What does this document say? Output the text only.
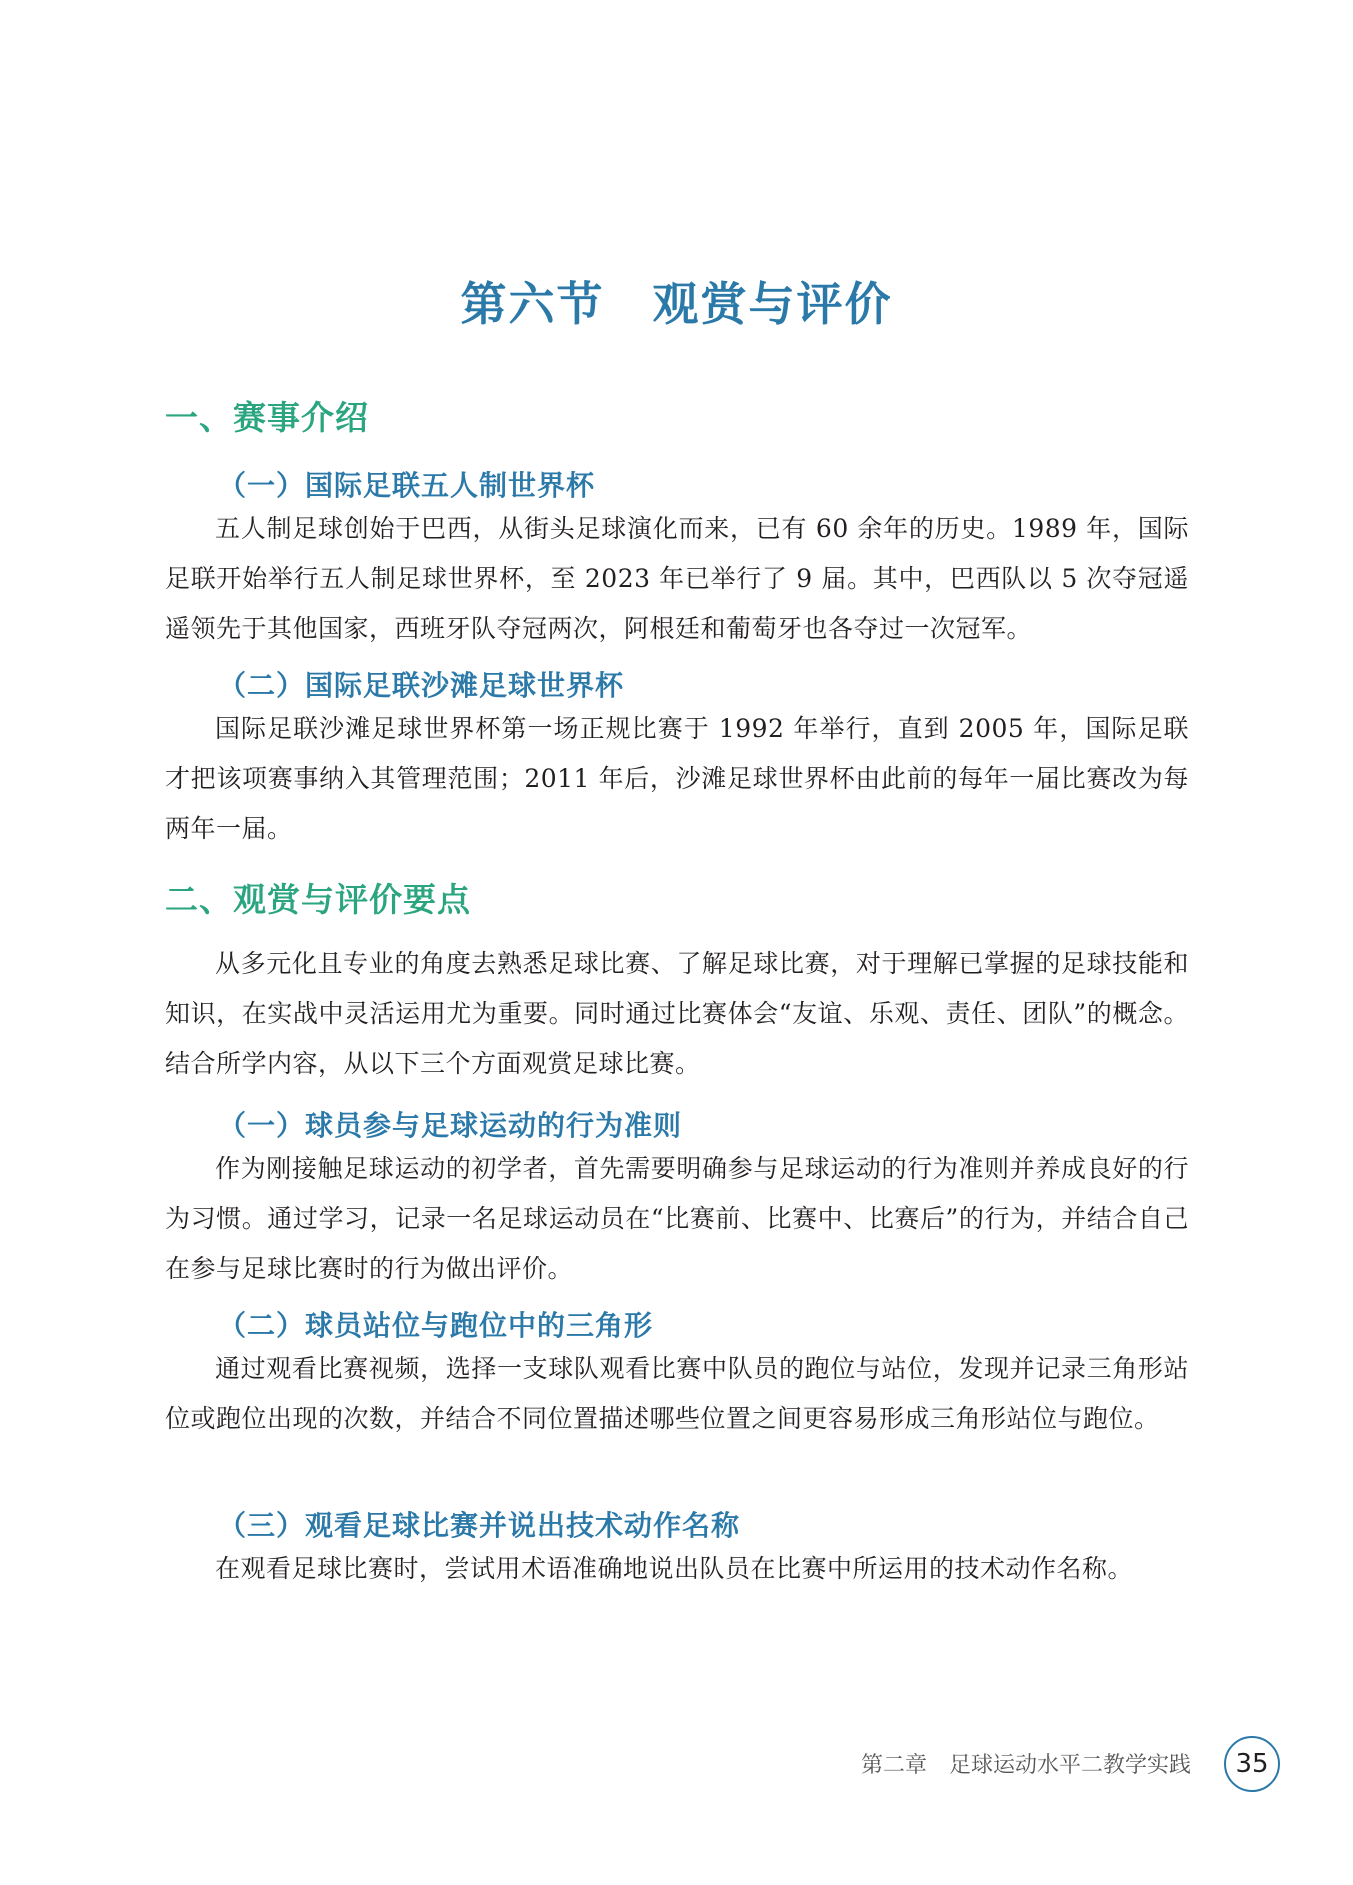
第六节　观赏与评价
一、赛事介绍
（一）国际足联五人制世界杯
五人制足球创始于巴西，从街头足球演化而来，已有 60 余年的历史。1989 年，国际足联开始举行五人制足球世界杯，至 2023 年已举行了 9 届。其中，巴西队以 5 次夺冠遥遥领先于其他国家，西班牙队夺冠两次，阿根廷和葡萄牙也各夺过一次冠军。
（二）国际足联沙滩足球世界杯
国际足联沙滩足球世界杯第一场正规比赛于 1992 年举行，直到 2005 年，国际足联才把该项赛事纳入其管理范围；2011 年后，沙滩足球世界杯由此前的每年一届比赛改为每两年一届。
二、观赏与评价要点
从多元化且专业的角度去熟悉足球比赛、了解足球比赛，对于理解已掌握的足球技能和知识，在实战中灵活运用尤为重要。同时通过比赛体会“友谊、乐观、责任、团队”的概念。结合所学内容，从以下三个方面观赏足球比赛。
（一）球员参与足球运动的行为准则
作为刚接触足球运动的初学者，首先需要明确参与足球运动的行为准则并养成良好的行为习惯。通过学习，记录一名足球运动员在“比赛前、比赛中、比赛后”的行为，并结合自己在参与足球比赛时的行为做出评价。
（二）球员站位与跑位中的三角形
通过观看比赛视频，选择一支球队观看比赛中队员的跑位与站位，发现并记录三角形站位或跑位出现的次数，并结合不同位置描述哪些位置之间更容易形成三角形站位与跑位。
（三）观看足球比赛并说出技术动作名称
在观看足球比赛时，尝试用术语准确地说出队员在比赛中所运用的技术动作名称。
第二章　足球运动水平二教学实践 35
